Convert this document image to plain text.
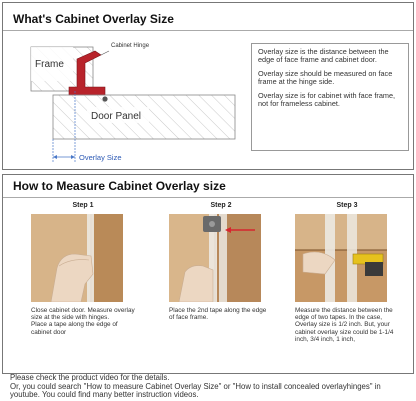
What's Cabinet Overlay Size
Frame
Cabinet Hinge
Door Panel
Overlay Size

Overlay size is the distance between the edge of face frame and cabinet door.

Overlay size should be measured on face frame at the hinge side.

Overlay size is for cabinet with face frame, not for frameless cabinet.

How to Measure Cabinet Overlay size
Step 1

Close cabinet door. Measure overlay size at the side with hinges.

Place a tape along the edge of cabinet door

Step 2

Place the 2nd tape along the edge of face frame.

Step 3

Measure the distance between the edge of two tapes. In the case, Overlay size is 1/2 inch. But, your cabinet overlay size could be 1-1/4 inch, 3/4 inch, 1 inch,

Please check the product video for the details.

Or, you could search "How to measure Cabinet Overlay Size" or "How to install concealed overlayhinges" in youtube. You could find many better instruction videos.
